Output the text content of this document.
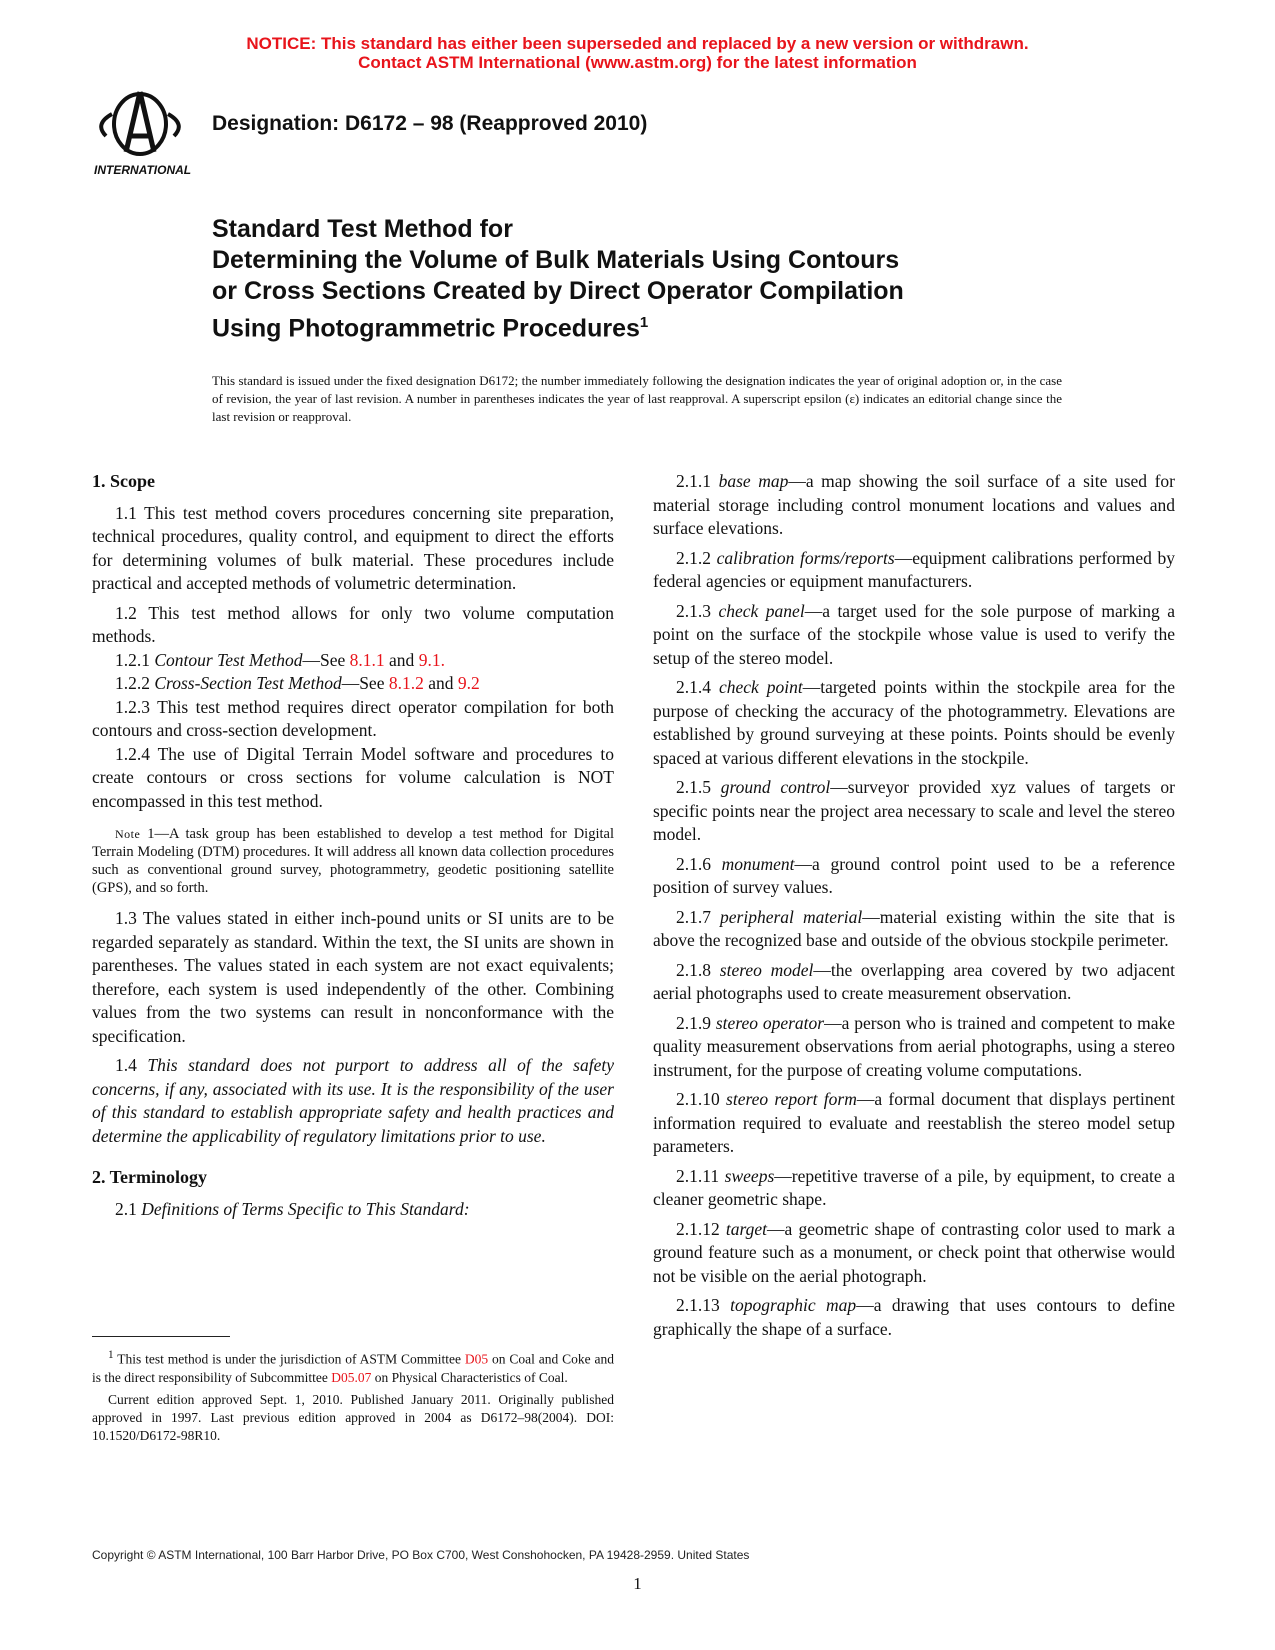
NOTICE: This standard has either been superseded and replaced by a new version or withdrawn.
Contact ASTM International (www.astm.org) for the latest information
INTERNATIONAL
Designation: D6172 – 98 (Reapproved 2010)
Standard Test Method for
Determining the Volume of Bulk Materials Using Contours
or Cross Sections Created by Direct Operator Compilation
Using Photogrammetric Procedures$^1$
This standard is issued under the fixed designation D6172; the number immediately following the designation indicates the year of original adoption or, in the case of revision, the year of last revision. A number in parentheses indicates the year of last reapproval. A superscript epsilon (ε) indicates an editorial change since the last revision or reapproval.
1. Scope

1.1 This test method covers procedures concerning site preparation, technical procedures, quality control, and equipment to direct the efforts for determining volumes of bulk material. These procedures include practical and accepted methods of volumetric determination.

1.2 This test method allows for only two volume computation methods.

1.2.1 Contour Test Method—See 8.1.1 and 9.1.

1.2.2 Cross-Section Test Method—See 8.1.2 and 9.2

1.2.3 This test method requires direct operator compilation for both contours and cross-section development.

1.2.4 The use of Digital Terrain Model software and procedures to create contours or cross sections for volume calculation is NOT encompassed in this test method.

Note 1—A task group has been established to develop a test method for Digital Terrain Modeling (DTM) procedures. It will address all known data collection procedures such as conventional ground survey, photogrammetry, geodetic positioning satellite (GPS), and so forth.

1.3 The values stated in either inch-pound units or SI units are to be regarded separately as standard. Within the text, the SI units are shown in parentheses. The values stated in each system are not exact equivalents; therefore, each system is used independently of the other. Combining values from the two systems can result in nonconformance with the specification.

1.4 This standard does not purport to address all of the safety concerns, if any, associated with its use. It is the responsibility of the user of this standard to establish appropriate safety and health practices and determine the applicability of regulatory limitations prior to use.

2. Terminology

2.1 Definitions of Terms Specific to This Standard:

2.1.1 base map—a map showing the soil surface of a site used for material storage including control monument locations and values and surface elevations.

2.1.2 calibration forms/reports—equipment calibrations performed by federal agencies or equipment manufacturers.

2.1.3 check panel—a target used for the sole purpose of marking a point on the surface of the stockpile whose value is used to verify the setup of the stereo model.

2.1.4 check point—targeted points within the stockpile area for the purpose of checking the accuracy of the photogrammetry. Elevations are established by ground surveying at these points. Points should be evenly spaced at various different elevations in the stockpile.

2.1.5 ground control—surveyor provided xyz values of targets or specific points near the project area necessary to scale and level the stereo model.

2.1.6 monument—a ground control point used to be a reference position of survey values.

2.1.7 peripheral material—material existing within the site that is above the recognized base and outside of the obvious stockpile perimeter.

2.1.8 stereo model—the overlapping area covered by two adjacent aerial photographs used to create measurement observation.

2.1.9 stereo operator—a person who is trained and competent to make quality measurement observations from aerial photographs, using a stereo instrument, for the purpose of creating volume computations.

2.1.10 stereo report form—a formal document that displays pertinent information required to evaluate and reestablish the stereo model setup parameters.

2.1.11 sweeps—repetitive traverse of a pile, by equipment, to create a cleaner geometric shape.

2.1.12 target—a geometric shape of contrasting color used to mark a ground feature such as a monument, or check point that otherwise would not be visible on the aerial photograph.

2.1.13 topographic map—a drawing that uses contours to define graphically the shape of a surface.

$^1$ This test method is under the jurisdiction of ASTM Committee D05 on Coal and Coke and is the direct responsibility of Subcommittee D05.07 on Physical Characteristics of Coal.

Current edition approved Sept. 1, 2010. Published January 2011. Originally published approved in 1997. Last previous edition approved in 2004 as D6172–98(2004). DOI: 10.1520/D6172-98R10.

Copyright © ASTM International, 100 Barr Harbor Drive, PO Box C700, West Conshohocken, PA 19428-2959. United States
1
